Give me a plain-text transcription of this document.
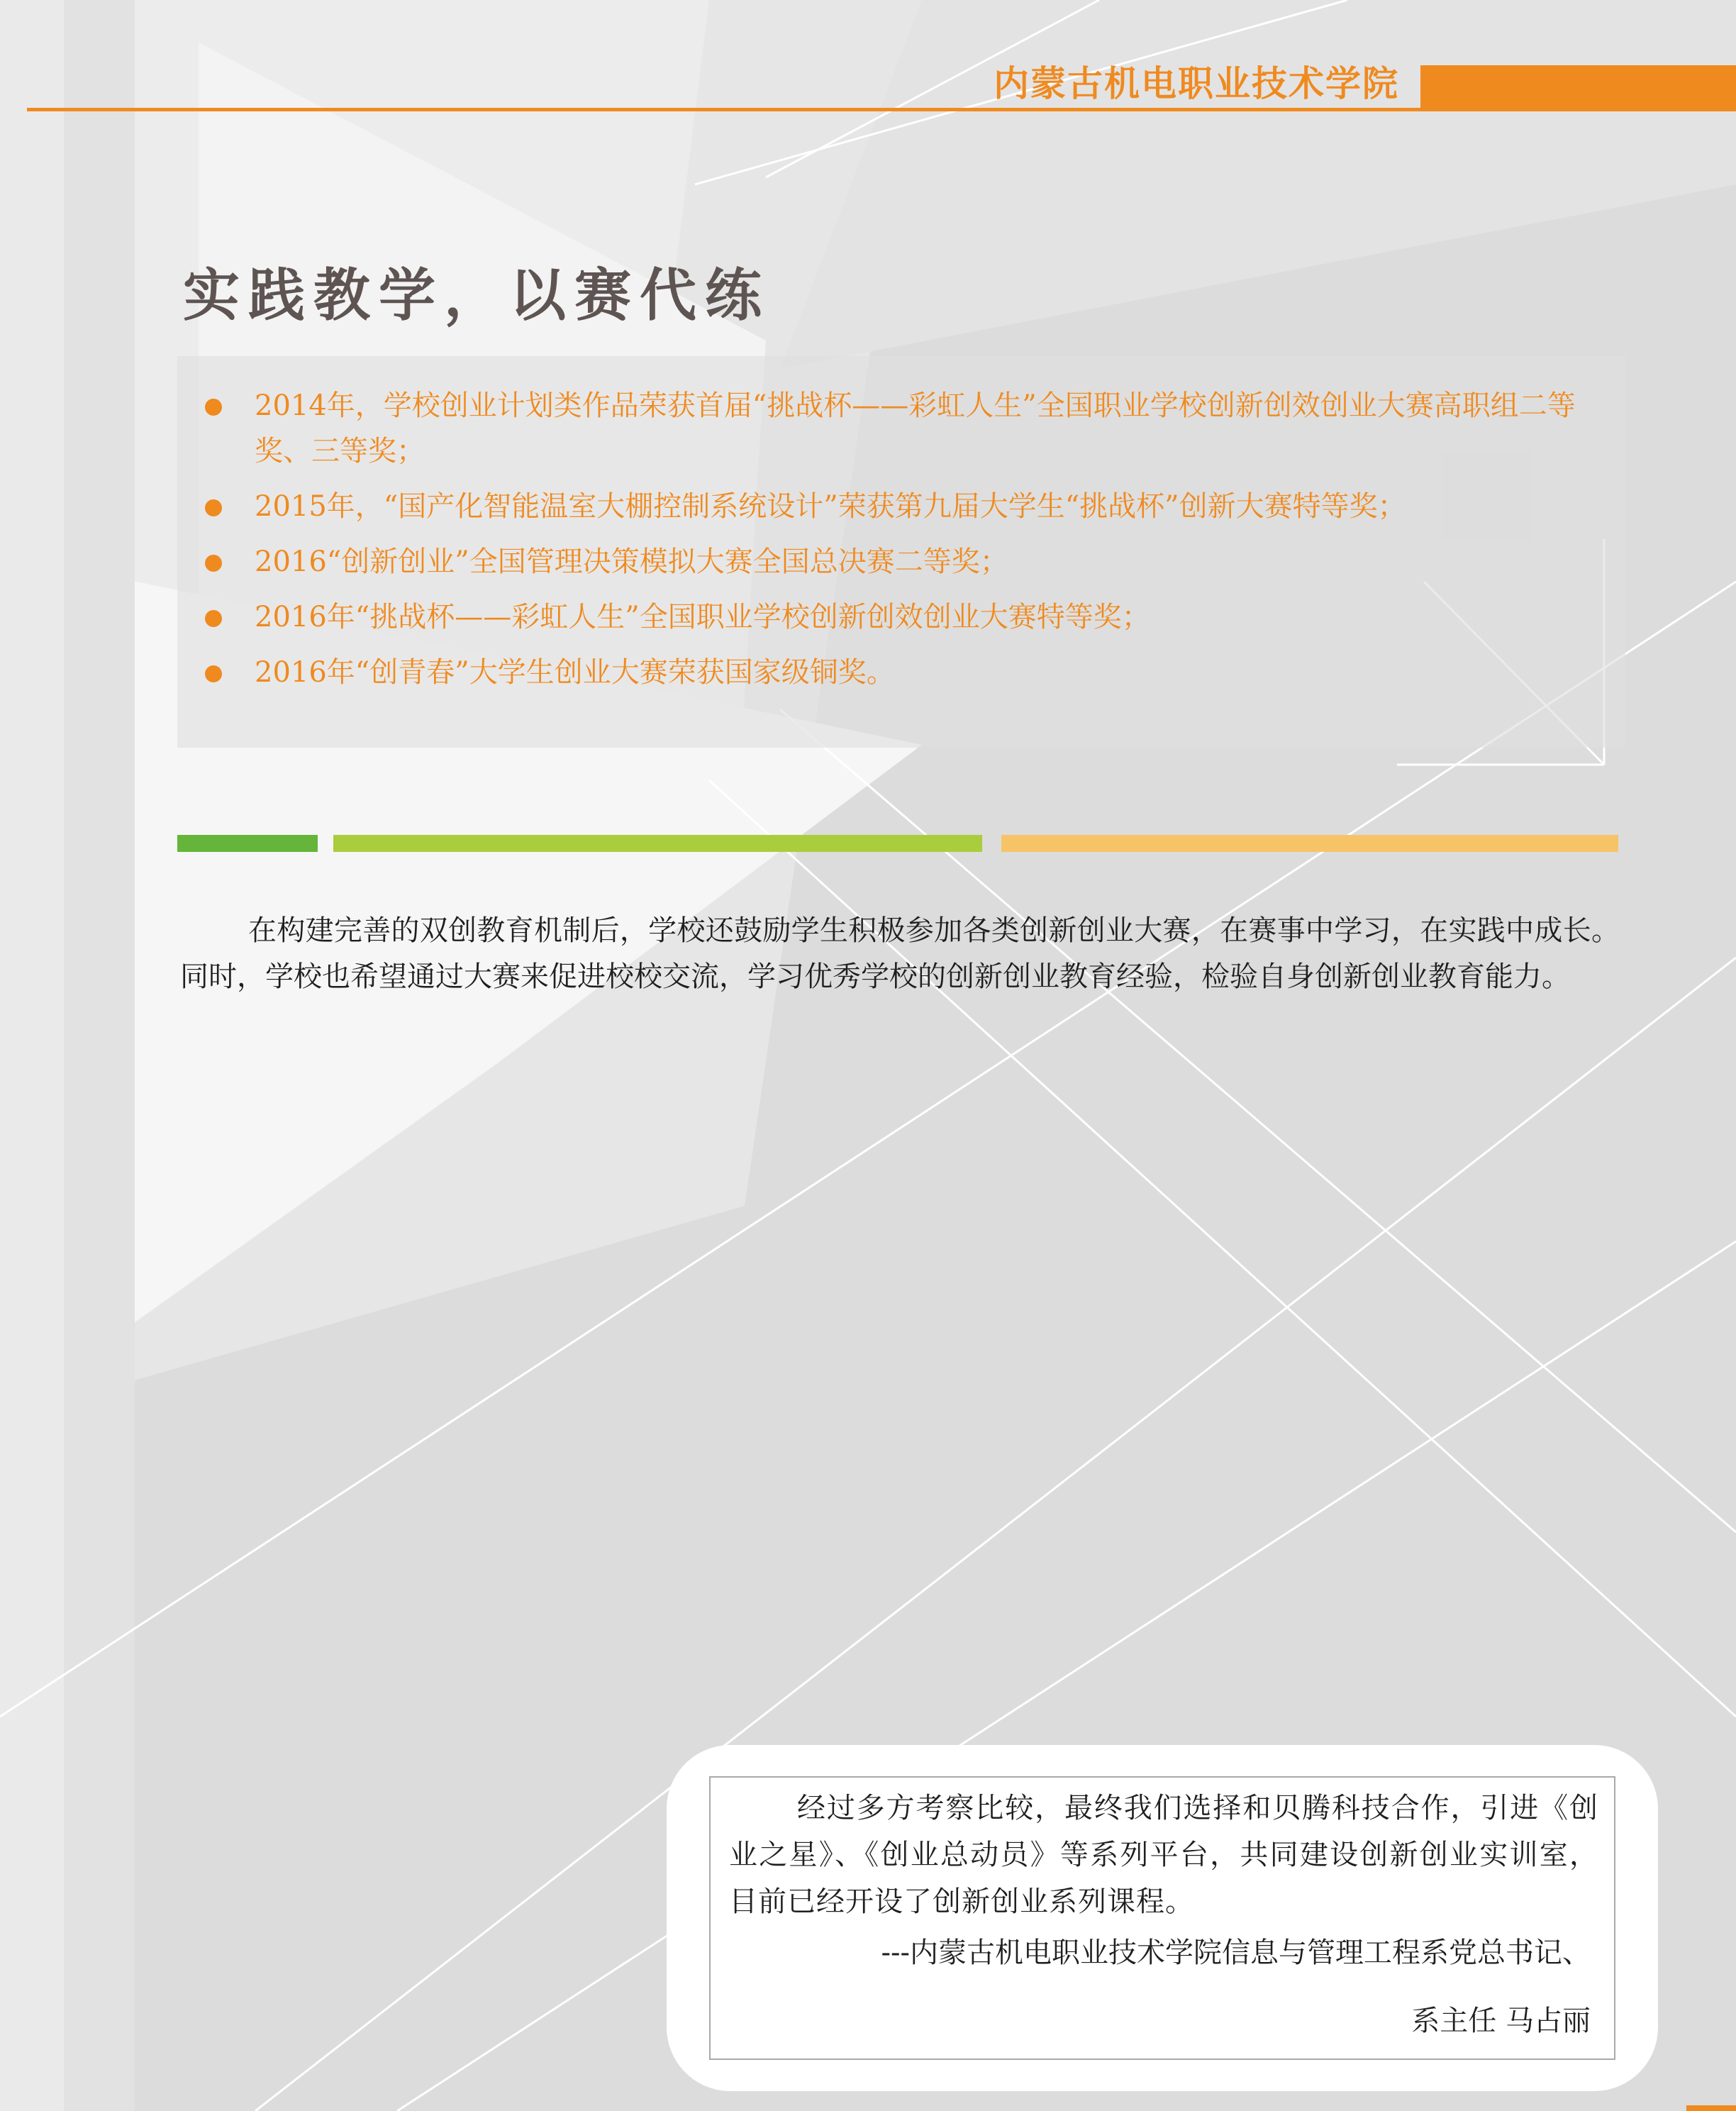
内蒙古机电职业技术学院
实践教学，以赛代练
2014年，学校创业计划类作品荣获首届“挑战杯——彩虹人生”全国职业学校创新创效创业大赛高职组二等奖、三等奖；
2015年，“国产化智能温室大棚控制系统设计”荣获第九届大学生“挑战杯”创新大赛特等奖；
2016“创新创业”全国管理决策模拟大赛全国总决赛二等奖；
2016年“挑战杯——彩虹人生”全国职业学校创新创效创业大赛特等奖；
2016年“创青春”大学生创业大赛荣获国家级铜奖。

在构建完善的双创教育机制后，学校还鼓励学生积极参加各类创新创业大赛，在赛事中学习，在实践中成长。同时，学校也希望通过大赛来促进校校交流，学习优秀学校的创新创业教育经验，检验自身创新创业教育能力。

经过多方考察比较，最终我们选择和贝腾科技合作，引进《创业之星》、《创业总动员》等系列平台，共同建设创新创业实训室，目前已经开设了创新创业系列课程。

---内蒙古机电职业技术学院信息与管理工程系党总书记、
系主任 马占丽
